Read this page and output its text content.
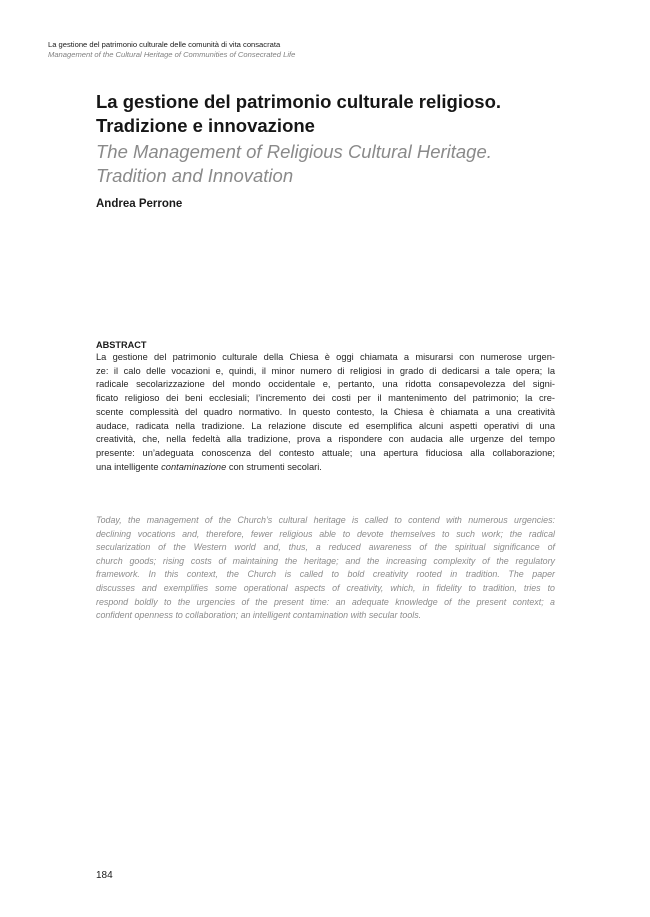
La gestione del patrimonio culturale delle comunità di vita consacrata
Management of the Cultural Heritage of Communities of Consecrated Life
La gestione del patrimonio culturale religioso.
Tradizione e innovazione
The Management of Religious Cultural Heritage.
Tradition and Innovation
Andrea Perrone
ABSTRACT
La gestione del patrimonio culturale della Chiesa è oggi chiamata a misurarsi con numerose urgen-
ze: il calo delle vocazioni e, quindi, il minor numero di religiosi in grado di dedicarsi a tale opera; la
radicale secolarizzazione del mondo occidentale e, pertanto, una ridotta consapevolezza del signi-
ficato religioso dei beni ecclesiali; l’incremento dei costi per il mantenimento del patrimonio; la cre-
scente complessità del quadro normativo. In questo contesto, la Chiesa è chiamata a una creatività
audace, radicata nella tradizione. La relazione discute ed esemplifica alcuni aspetti operativi di una
creatività, che, nella fedeltà alla tradizione, prova a rispondere con audacia alle urgenze del tempo
presente: un’adeguata conoscenza del contesto attuale; una apertura fiduciosa alla collaborazione;
una intelligente contaminazione con strumenti secolari.
Today, the management of the Church’s cultural heritage is called to contend with numerous urgencies:
declining vocations and, therefore, fewer religious able to devote themselves to such work; the radical
secularization of the Western world and, thus, a reduced awareness of the spiritual significance of
church goods; rising costs of maintaining the heritage; and the increasing complexity of the regulatory
framework. In this context, the Church is called to bold creativity rooted in tradition. The paper
discusses and exemplifies some operational aspects of creativity, which, in fidelity to tradition, tries to
respond boldly to the urgencies of the present time: an adequate knowledge of the present context; a
confident openness to collaboration; an intelligent contamination with secular tools.
184
